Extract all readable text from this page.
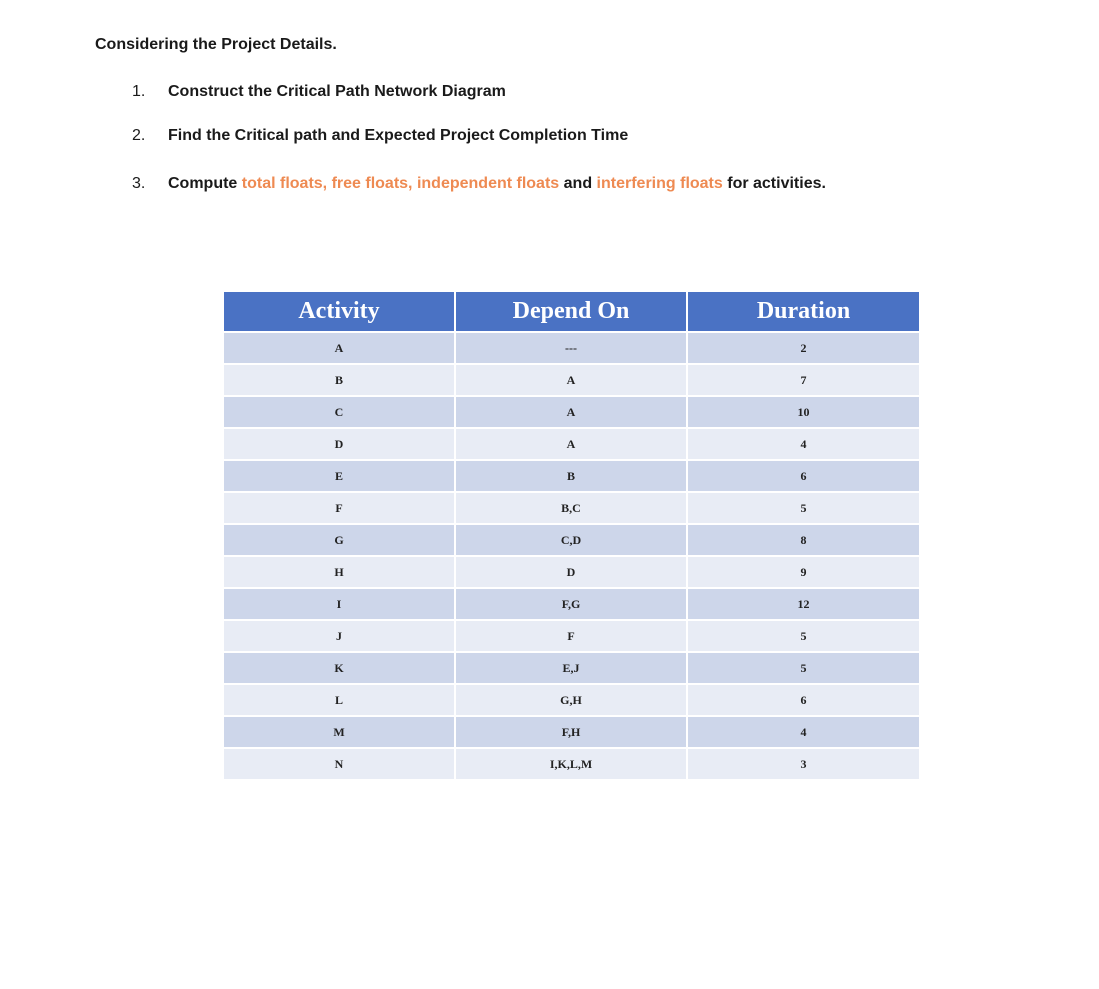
Considering the Project Details.

1.	Construct the Critical Path Network Diagram
2.	Find the Critical path and Expected Project Completion Time
3.	Compute
total floats,
free floats,
independent floats
and
interfering floats
for activities.
Activity	Depend On	Duration
A	---	2
B	A	7
C	A	10
D	A	4
E	B	6
F	B,C	5
G	C,D	8
H	D	9
I	F,G	12
J	F	5
K	E,J	5
L	G,H	6
M	F,H	4
N	I,K,L,M	3
